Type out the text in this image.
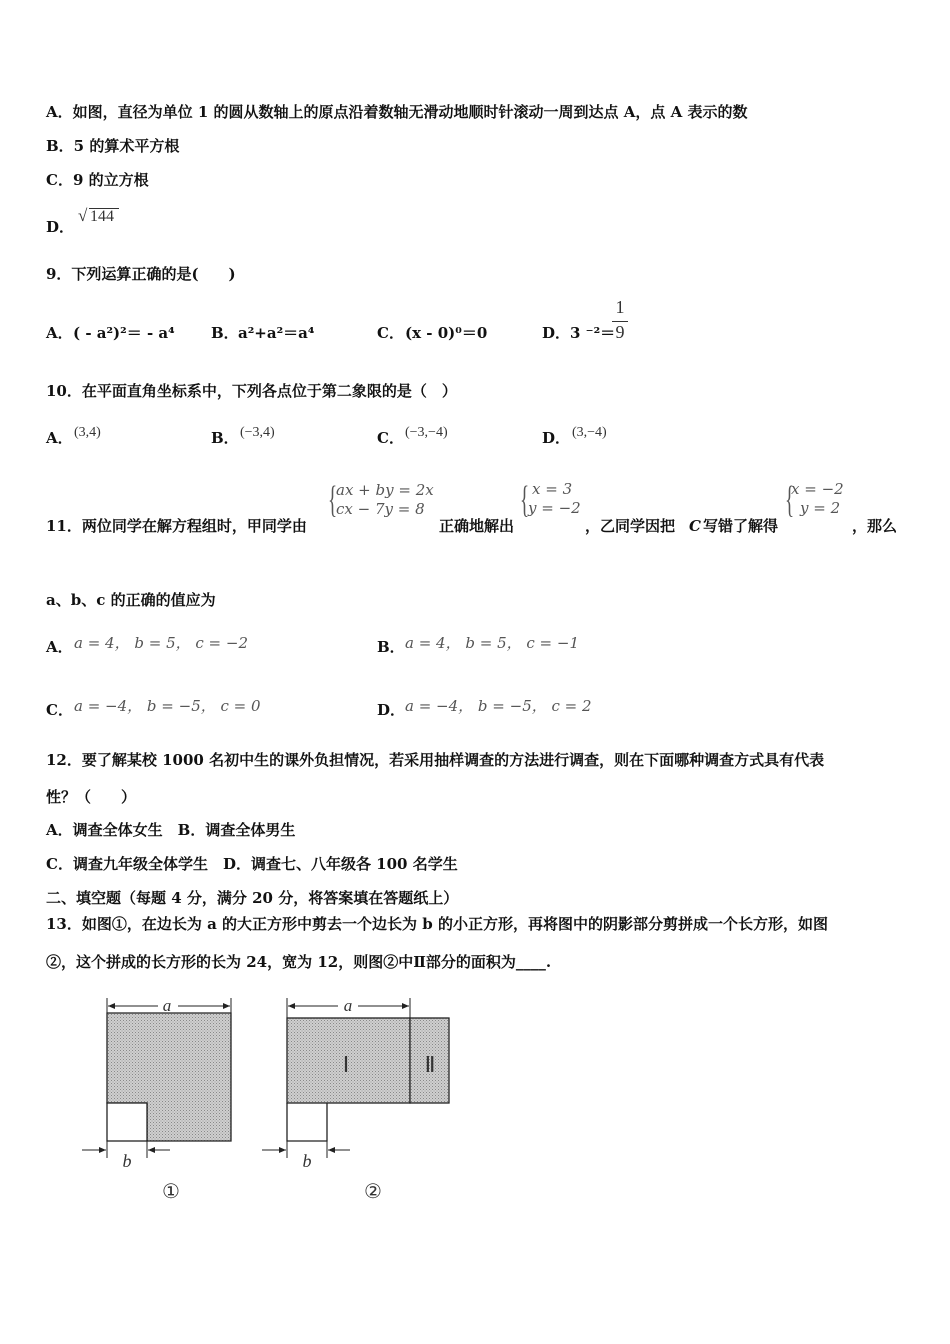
A．如图，直径为单位 1 的圆从数轴上的原点沿着数轴无滑动地顺时针滚动一周到达点 A，点 A 表示的数
B．5 的算术平方根
C．9 的立方根
D．
√ 144
9．下列运算正确的是(　　)
A． ( - a²)²＝ - a⁴ B． a²+a²＝a⁴	C． (x - 0)⁰＝0	D． 3 ⁻²＝
1
9
10．在平面直角坐标系中，下列各点位于第二象限的是（　）
A． (3,4)	B． (−3,4)	C． (−3,−4)	D． (3,−4)
11．两位同学在解方程组时，甲同学由
{
ax + by = 2x
cx − 7y = 8
正确地解出
{ x = 3
y = −2
，乙同学因把 C 写错了解得
{
x = −2
y = 2
，那么
a、b、c 的正确的值应为
A． a = 4， b = 5， c = −2	B． a = 4， b = 5， c = −1
C． a = −4， b = −5， c = 0	D． a = −4， b = −5， c = 2
12．要了解某校 1000 名初中生的课外负担情况，若采用抽样调查的方法进行调查，则在下面哪种调查方式具有代表
性？（　　）
A．调查全体女生　B．调查全体男生
C．调查九年级全体学生　D．调查七、八年级各 100 名学生
二、填空题（每题 4 分，满分 20 分，将答案填在答题纸上）
13．如图①，在边长为 a 的大正方形中剪去一个边长为 b 的小正方形，再将图中的阴影部分剪拼成一个长方形，如图
②，这个拼成的长方形的长为 24，宽为 12，则图②中Ⅱ部分的面积为____.
a
b
①
a
Ⅰ	Ⅱ
b
②
